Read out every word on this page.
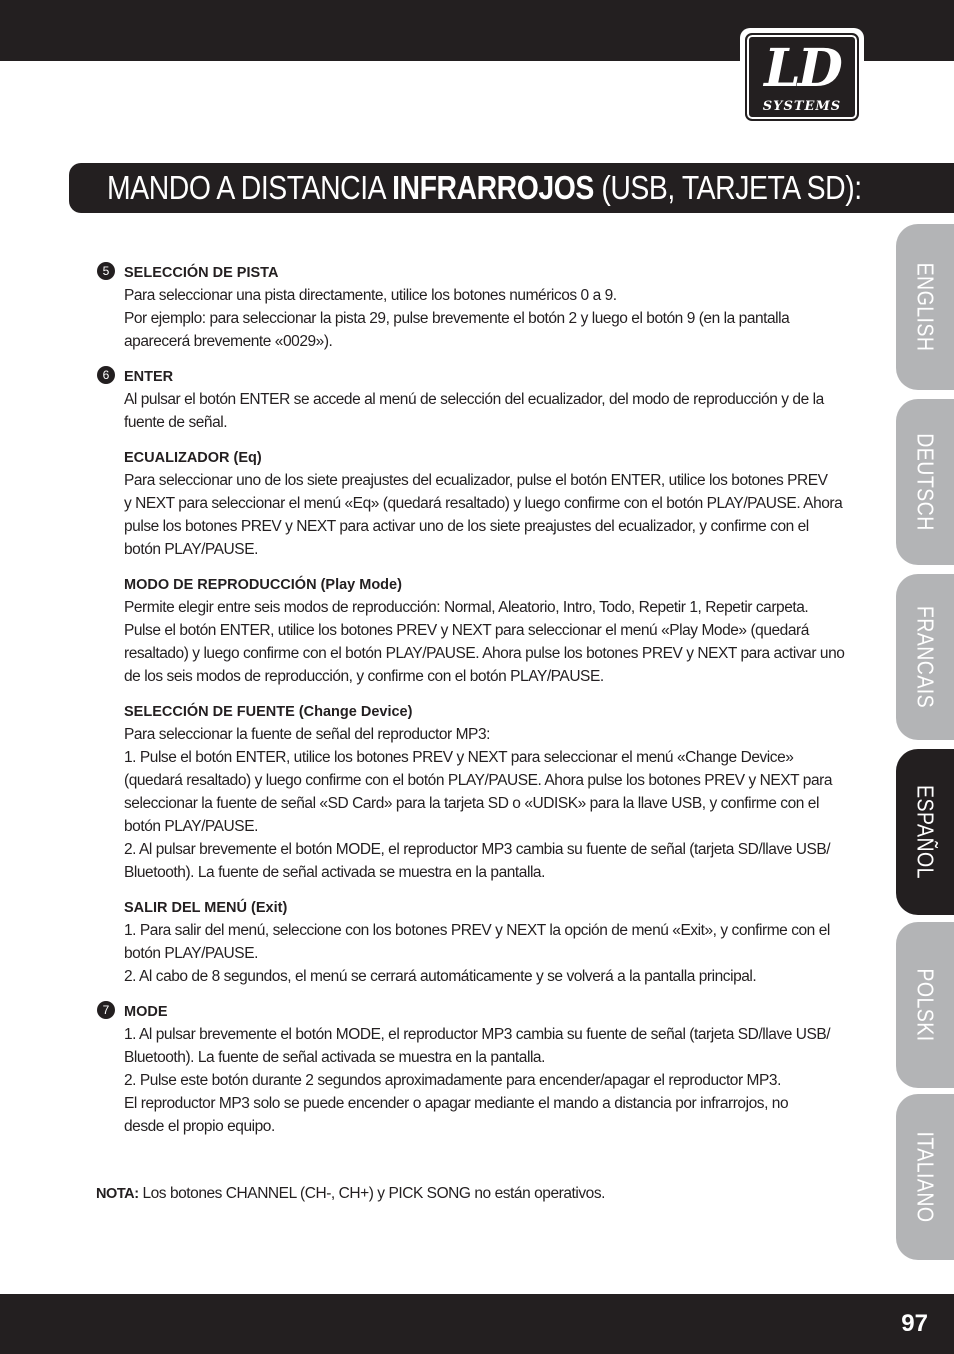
LD
SYSTEMS
MANDO A DISTANCIA INFRARROJOS (USB, TARJETA SD):
ENGLISH
DEUTSCH
FRANCAIS
ESPAÑOL
POLSKI
ITALIANO
5	SELECCIÓN DE PISTA
Para seleccionar una pista directamente, utilice los botones numéricos 0 a 9.
Por ejemplo: para seleccionar la pista 29, pulse brevemente el botón 2 y luego el botón 9 (en la pantalla
aparecerá brevemente «0029»).
6	ENTER
Al pulsar el botón ENTER se accede al menú de selección del ecualizador, del modo de reproducción y de la
fuente de señal.
ECUALIZADOR (Eq)
Para seleccionar uno de los siete preajustes del ecualizador, pulse el botón ENTER, utilice los botones PREV
y NEXT para seleccionar el menú «Eq» (quedará resaltado) y luego confirme con el botón PLAY/PAUSE. Ahora
pulse los botones PREV y NEXT para activar uno de los siete preajustes del ecualizador, y confirme con el
botón PLAY/PAUSE.
MODO DE REPRODUCCIÓN (Play Mode)
Permite elegir entre seis modos de reproducción: Normal, Aleatorio, Intro, Todo, Repetir 1, Repetir carpeta.
Pulse el botón ENTER, utilice los botones PREV y NEXT para seleccionar el menú «Play Mode» (quedará
resaltado) y luego confirme con el botón PLAY/PAUSE. Ahora pulse los botones PREV y NEXT para activar uno
de los seis modos de reproducción, y confirme con el botón PLAY/PAUSE.
SELECCIÓN DE FUENTE (Change Device)
Para seleccionar la fuente de señal del reproductor MP3:
1. Pulse el botón ENTER, utilice los botones PREV y NEXT para seleccionar el menú «Change Device»
(quedará resaltado) y luego confirme con el botón PLAY/PAUSE. Ahora pulse los botones PREV y NEXT para
seleccionar la fuente de señal «SD Card» para la tarjeta SD o «UDISK» para la llave USB, y confirme con el
botón PLAY/PAUSE.
2. Al pulsar brevemente el botón MODE, el reproductor MP3 cambia su fuente de señal (tarjeta SD/llave USB/
Bluetooth). La fuente de señal activada se muestra en la pantalla.
SALIR DEL MENÚ (Exit)
1. Para salir del menú, seleccione con los botones PREV y NEXT la opción de menú «Exit», y confirme con el
botón PLAY/PAUSE.
2. Al cabo de 8 segundos, el menú se cerrará automáticamente y se volverá a la pantalla principal.
7	MODE
1. Al pulsar brevemente el botón MODE, el reproductor MP3 cambia su fuente de señal (tarjeta SD/llave USB/
Bluetooth). La fuente de señal activada se muestra en la pantalla.
2. Pulse este botón durante 2 segundos aproximadamente para encender/apagar el reproductor MP3.
El reproductor MP3 solo se puede encender o apagar mediante el mando a distancia por infrarrojos, no
desde el propio equipo.
NOTA: Los botones CHANNEL (CH-, CH+) y PICK SONG no están operativos.
97
